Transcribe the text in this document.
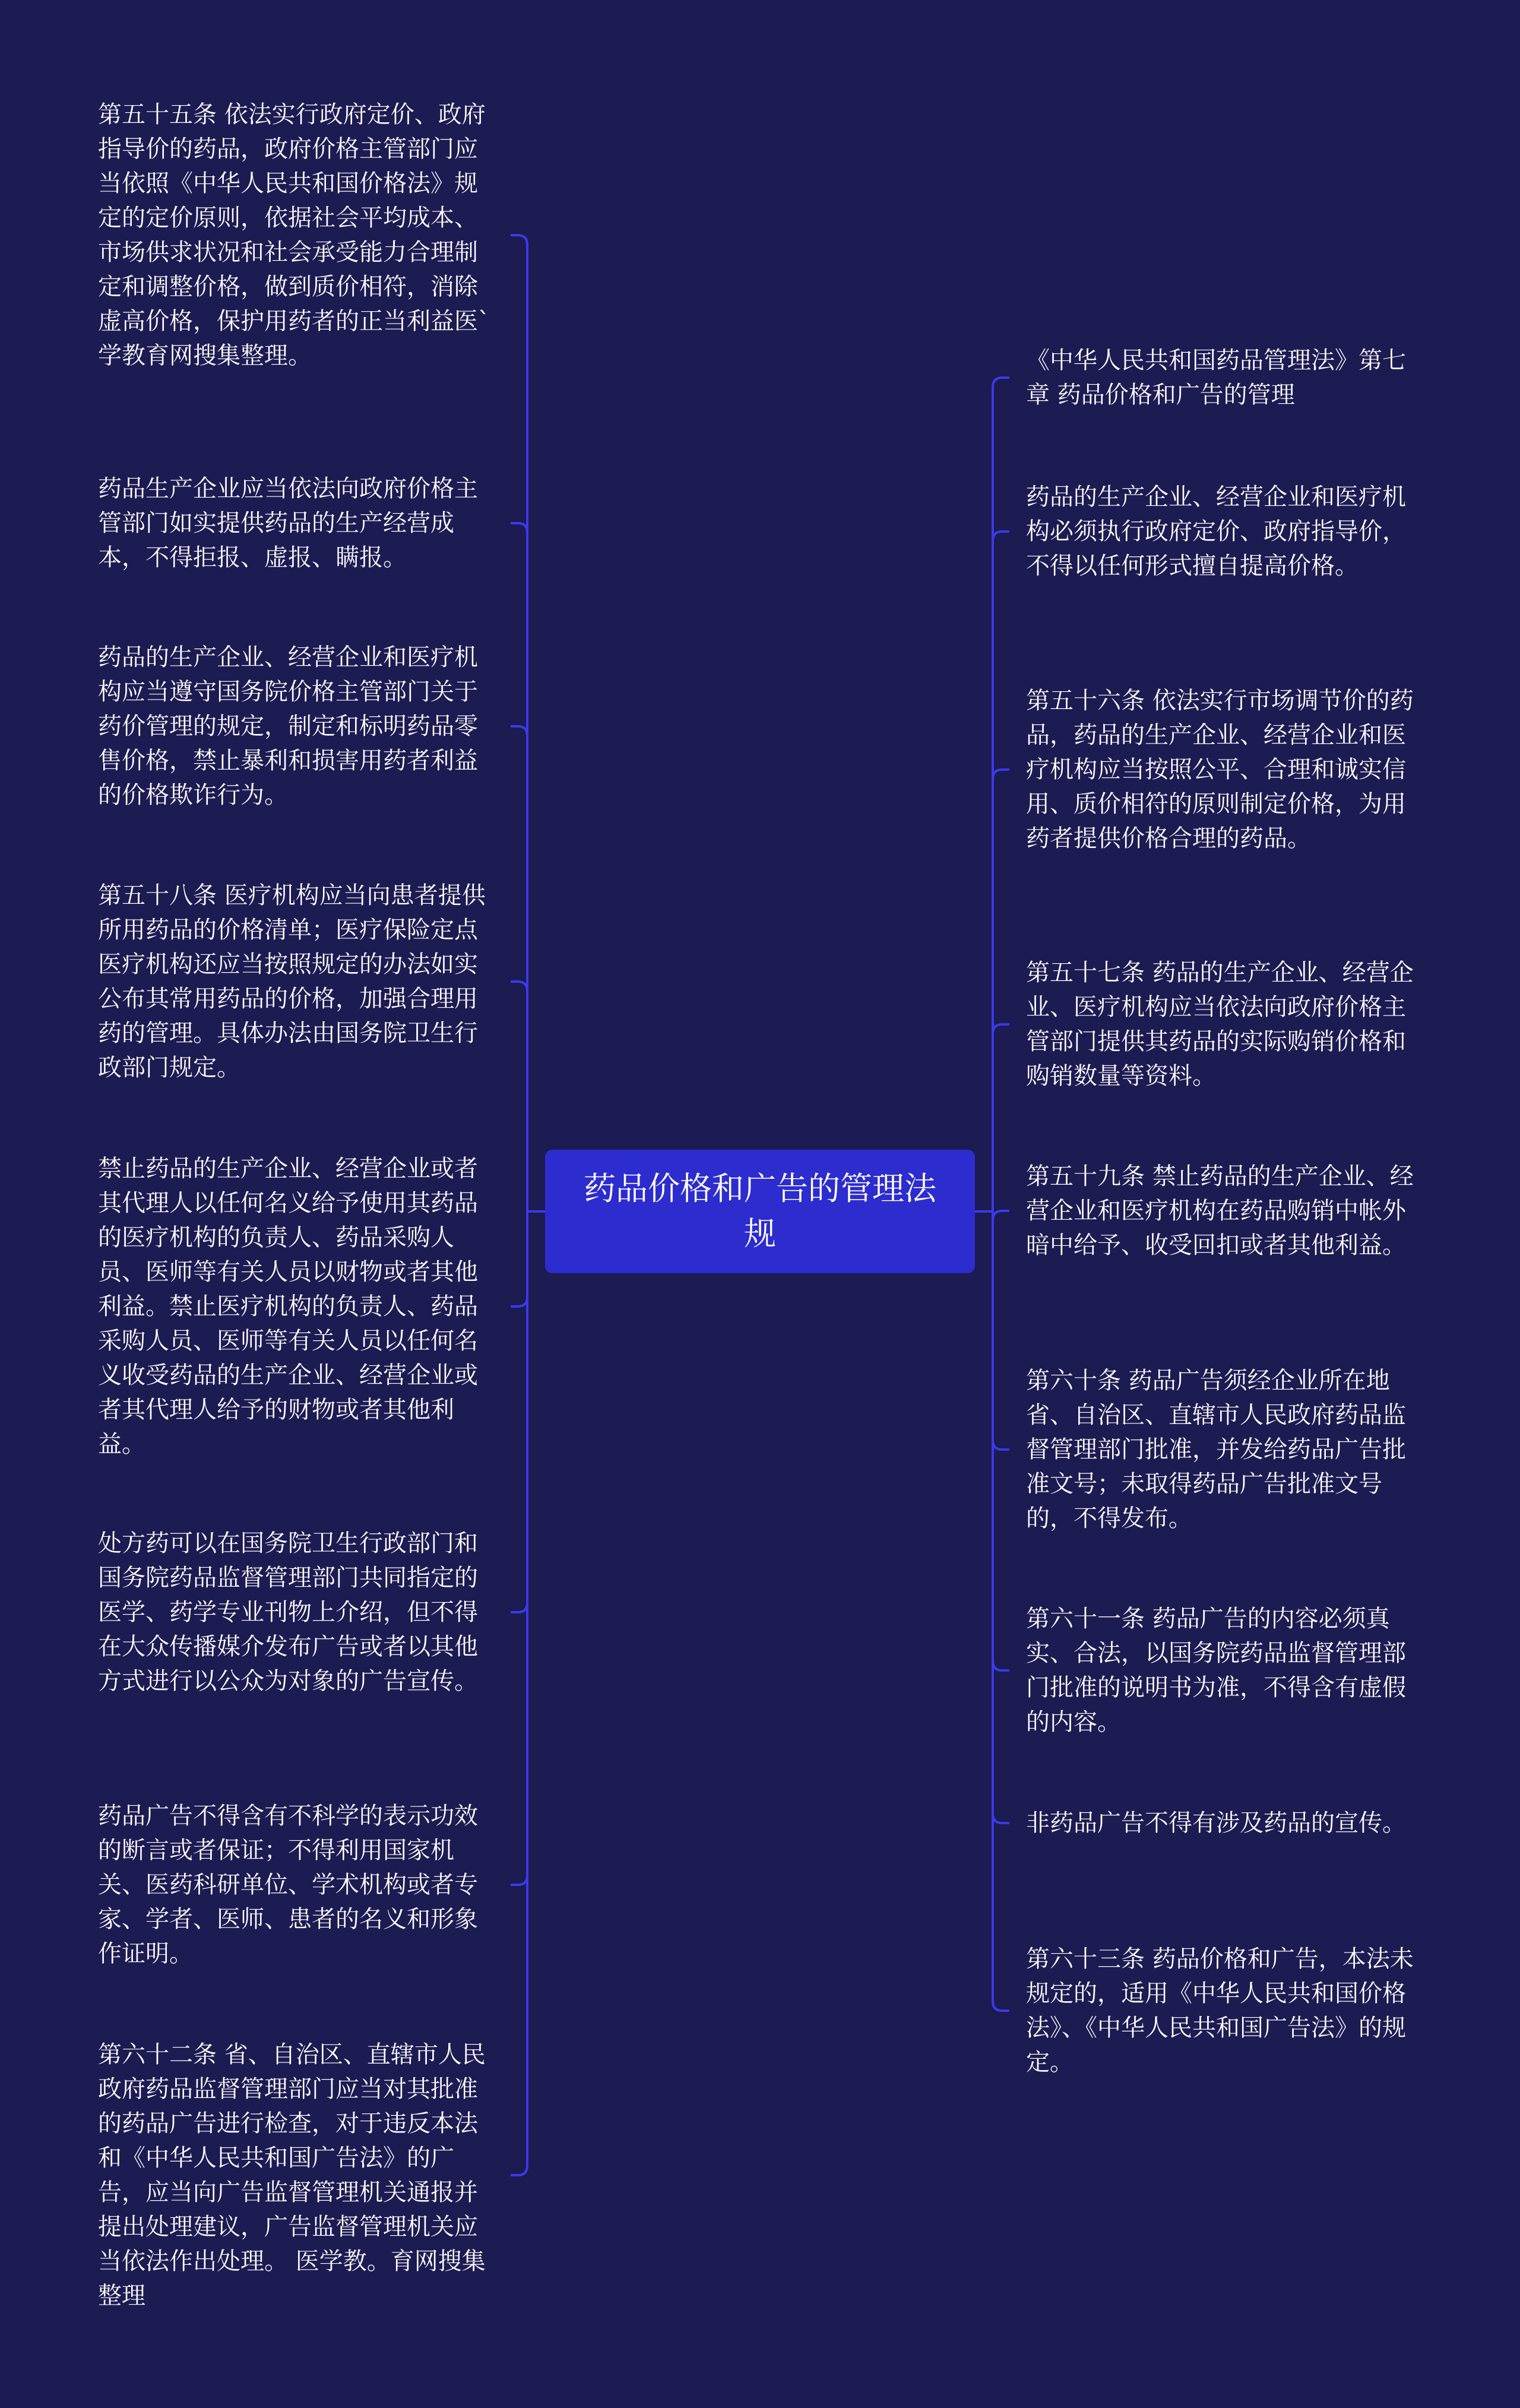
第五十五条 依法实行政府定价、政府指导价的药品，政府价格主管部门应当依照《中华人民共和国价格法》规定的定价原则，依据社会平均成本、市场供求状况和社会承受能力合理制定和调整价格，做到质价相符，消除虚高价格，保护用药者的正当利益医`学教育网搜集整理。

药品生产企业应当依法向政府价格主管部门如实提供药品的生产经营成本，不得拒报、虚报、瞒报。

药品的生产企业、经营企业和医疗机构应当遵守国务院价格主管部门关于药价管理的规定，制定和标明药品零售价格，禁止暴利和损害用药者利益的价格欺诈行为。

第五十八条 医疗机构应当向患者提供所用药品的价格清单；医疗保险定点医疗机构还应当按照规定的办法如实公布其常用药品的价格，加强合理用药的管理。具体办法由国务院卫生行政部门规定。

禁止药品的生产企业、经营企业或者其代理人以任何名义给予使用其药品的医疗机构的负责人、药品采购人员、医师等有关人员以财物或者其他利益。禁止医疗机构的负责人、药品采购人员、医师等有关人员以任何名义收受药品的生产企业、经营企业或者其代理人给予的财物或者其他利益。

处方药可以在国务院卫生行政部门和国务院药品监督管理部门共同指定的医学、药学专业刊物上介绍，但不得在大众传播媒介发布广告或者以其他方式进行以公众为对象的广告宣传。

药品广告不得含有不科学的表示功效的断言或者保证；不得利用国家机关、医药科研单位、学术机构或者专家、学者、医师、患者的名义和形象作证明。

第六十二条 省、自治区、直辖市人民政府药品监督管理部门应当对其批准的药品广告进行检查，对于违反本法和《中华人民共和国广告法》的广告，应当向广告监督管理机关通报并提出处理建议，广告监督管理机关应当依法作出处理。 医学教。育网搜集整理

药品价格和广告的管理法规

《中华人民共和国药品管理法》第七章 药品价格和广告的管理

药品的生产企业、经营企业和医疗机构必须执行政府定价、政府指导价，不得以任何形式擅自提高价格。

第五十六条 依法实行市场调节价的药品，药品的生产企业、经营企业和医疗机构应当按照公平、合理和诚实信用、质价相符的原则制定价格，为用药者提供价格合理的药品。

第五十七条 药品的生产企业、经营企业、医疗机构应当依法向政府价格主管部门提供其药品的实际购销价格和购销数量等资料。

第五十九条 禁止药品的生产企业、经营企业和医疗机构在药品购销中帐外暗中给予、收受回扣或者其他利益。

第六十条 药品广告须经企业所在地省、自治区、直辖市人民政府药品监督管理部门批准，并发给药品广告批准文号；未取得药品广告批准文号的，不得发布。

第六十一条 药品广告的内容必须真实、合法，以国务院药品监督管理部门批准的说明书为准，不得含有虚假的内容。

非药品广告不得有涉及药品的宣传。

第六十三条 药品价格和广告，本法未规定的，适用《中华人民共和国价格法》、《中华人民共和国广告法》的规定。
